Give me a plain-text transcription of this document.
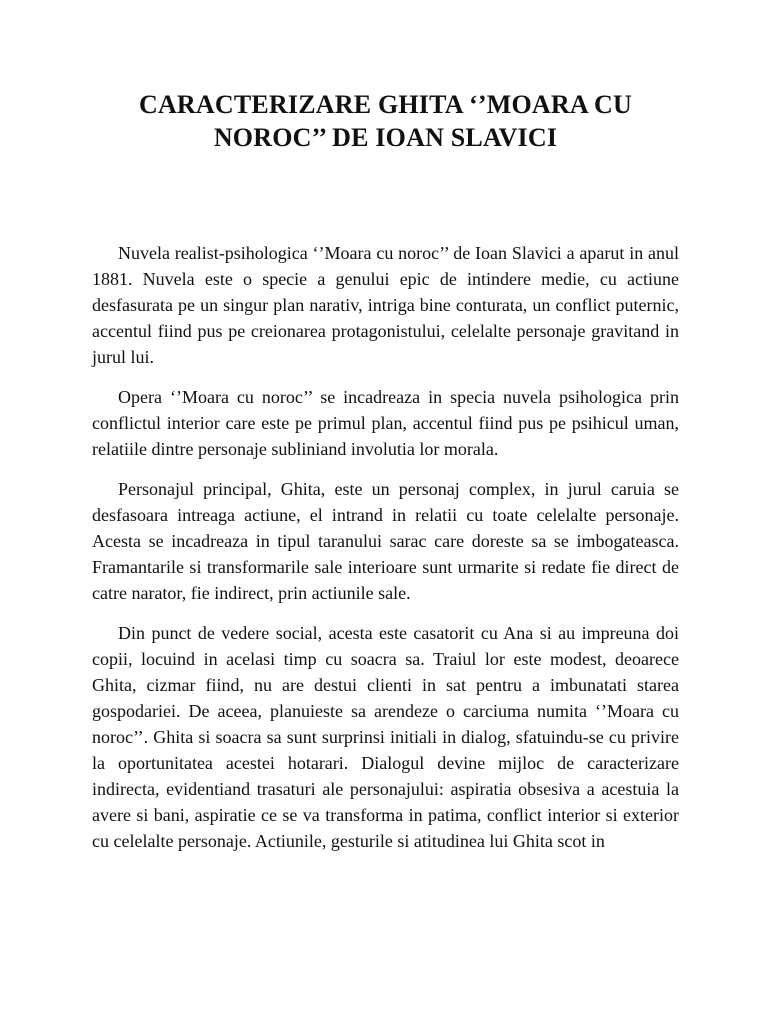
CARACTERIZARE GHITA ‘’MOARA CU
NOROC’’ DE IOAN SLAVICI

Nuvela realist-psihologica ‘’Moara cu noroc’’ de Ioan Slavici a aparut in anul 1881. Nuvela este o specie a genului epic de intindere medie, cu actiune desfasurata pe un singur plan narativ, intriga bine conturata, un conflict puternic, accentul fiind pus pe creionarea protagonistului, celelalte personaje gravitand in jurul lui.

Opera ‘’Moara cu noroc’’ se incadreaza in specia nuvela psihologica prin conflictul interior care este pe primul plan, accentul fiind pus pe psihicul uman, relatiile dintre personaje subliniand involutia lor morala.

Personajul principal, Ghita, este un personaj complex, in jurul caruia se desfasoara intreaga actiune, el intrand in relatii cu toate celelalte personaje. Acesta se incadreaza in tipul taranului sarac care doreste sa se imbogateasca. Framantarile si transformarile sale interioare sunt urmarite si redate fie direct de catre narator, fie indirect, prin actiunile sale.

Din punct de vedere social, acesta este casatorit cu Ana si au impreuna doi copii, locuind in acelasi timp cu soacra sa. Traiul lor este modest, deoarece Ghita, cizmar fiind, nu are destui clienti in sat pentru a imbunatati starea gospodariei. De aceea, planuieste sa arendeze o carciuma numita ‘’Moara cu noroc’’. Ghita si soacra sa sunt surprinsi initiali in dialog, sfatuindu-se cu privire la oportunitatea acestei hotarari. Dialogul devine mijloc de caracterizare indirecta, evidentiand trasaturi ale personajului: aspiratia obsesiva a acestuia la avere si bani, aspiratie ce se va transforma in patima, conflict interior si exterior cu celelalte personaje. Actiunile, gesturile si atitudinea lui Ghita scot in
